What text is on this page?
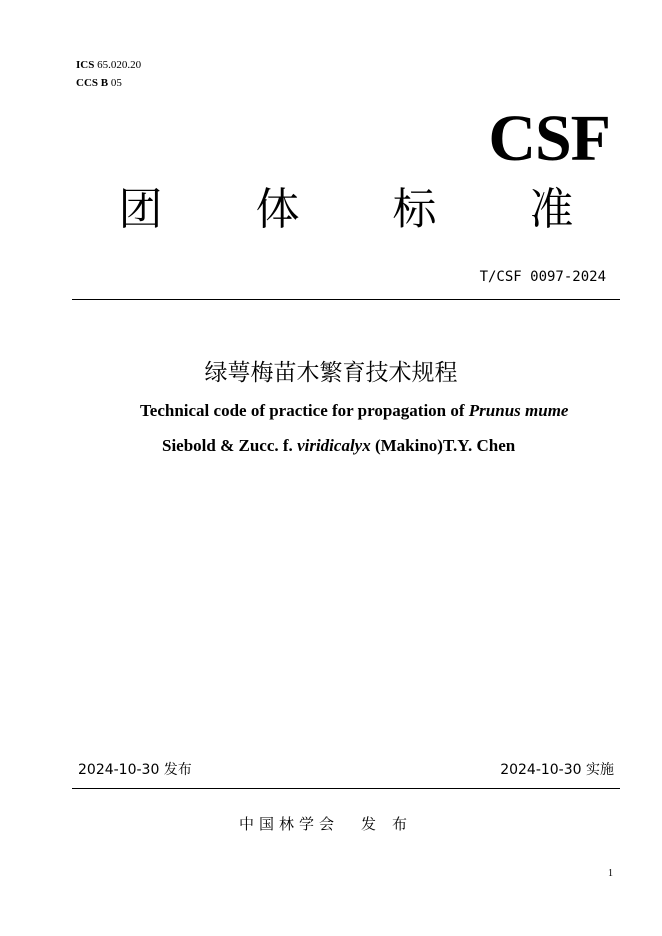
ICS 65.020.20
CCS B 05
CSF
团 体 标 准
T/CSF 0097-2024
绿萼梅苗木繁育技术规程
Technical code of practice for propagation of Prunus mume
Siebold & Zucc. f. viridicalyx (Makino)T.Y. Chen
2024-10-30 发布	2024-10-30 实施
中国林学会 发布
1
